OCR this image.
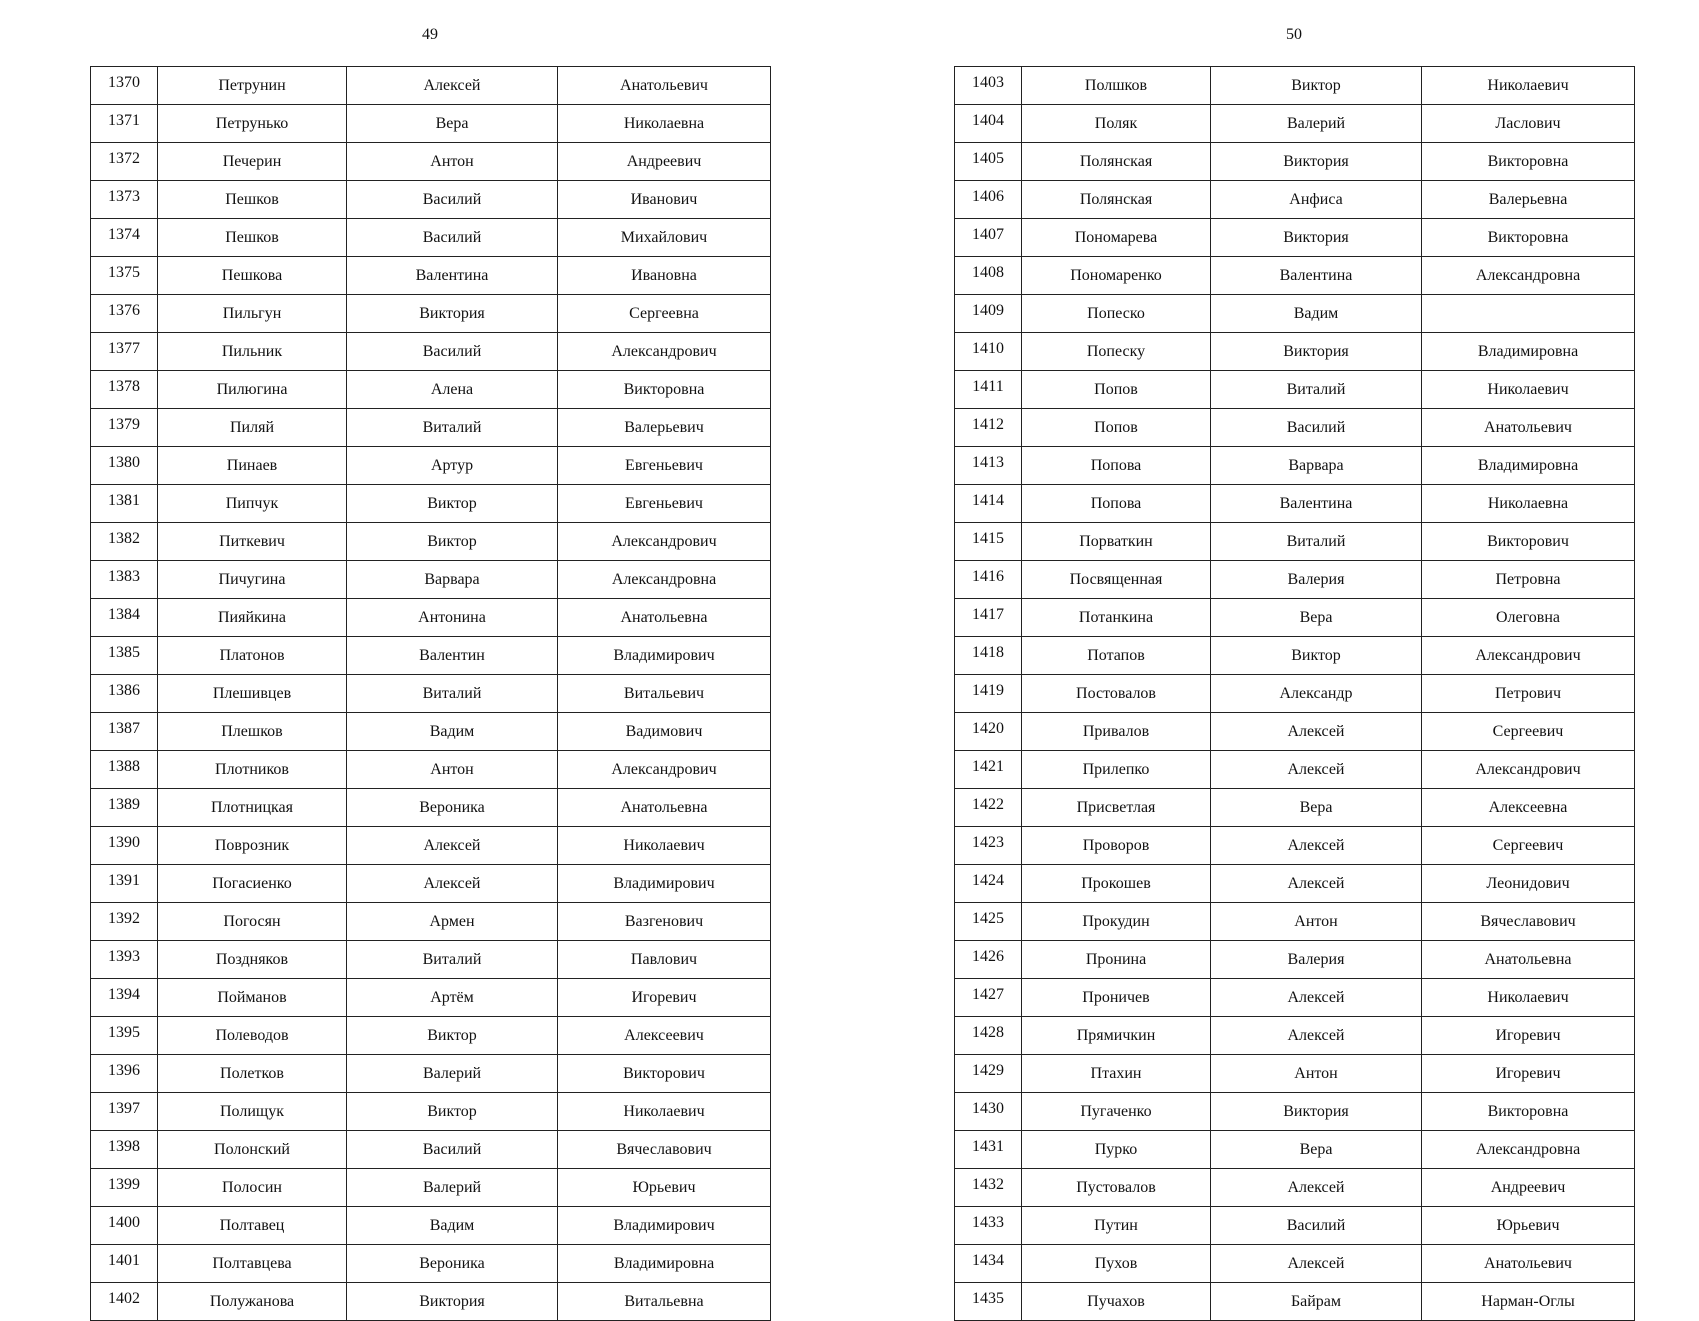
49
1370	Петрунин	Алексей	Анатольевич
1371	Петрунько	Вера	Николаевна
1372	Печерин	Антон	Андреевич
1373	Пешков	Василий	Иванович
1374	Пешков	Василий	Михайлович
1375	Пешкова	Валентина	Ивановна
1376	Пильгун	Виктория	Сергеевна
1377	Пильник	Василий	Александрович
1378	Пилюгина	Алена	Викторовна
1379	Пиляй	Виталий	Валерьевич
1380	Пинаев	Артур	Евгеньевич
1381	Пипчук	Виктор	Евгеньевич
1382	Питкевич	Виктор	Александрович
1383	Пичугина	Варвара	Александровна
1384	Пияйкина	Антонина	Анатольевна
1385	Платонов	Валентин	Владимирович
1386	Плешивцев	Виталий	Витальевич
1387	Плешков	Вадим	Вадимович
1388	Плотников	Антон	Александрович
1389	Плотницкая	Вероника	Анатольевна
1390	Поврозник	Алексей	Николаевич
1391	Погасиенко	Алексей	Владимирович
1392	Погосян	Армен	Вазгенович
1393	Поздняков	Виталий	Павлович
1394	Пойманов	Артём	Игоревич
1395	Полеводов	Виктор	Алексеевич
1396	Полетков	Валерий	Викторович
1397	Полищук	Виктор	Николаевич
1398	Полонский	Василий	Вячеславович
1399	Полосин	Валерий	Юрьевич
1400	Полтавец	Вадим	Владимирович
1401	Полтавцева	Вероника	Владимировна
1402	Полужанова	Виктория	Витальевна
50
1403	Полшков	Виктор	Николаевич
1404	Поляк	Валерий	Ласлович
1405	Полянская	Виктория	Викторовна
1406	Полянская	Анфиса	Валерьевна
1407	Пономарева	Виктория	Викторовна
1408	Пономаренко	Валентина	Александровна
1409	Попеско	Вадим	
1410	Попеску	Виктория	Владимировна
1411	Попов	Виталий	Николаевич
1412	Попов	Василий	Анатольевич
1413	Попова	Варвара	Владимировна
1414	Попова	Валентина	Николаевна
1415	Порваткин	Виталий	Викторович
1416	Посвященная	Валерия	Петровна
1417	Потанкина	Вера	Олеговна
1418	Потапов	Виктор	Александрович
1419	Постовалов	Александр	Петрович
1420	Привалов	Алексей	Сергеевич
1421	Прилепко	Алексей	Александрович
1422	Присветлая	Вера	Алексеевна
1423	Проворов	Алексей	Сергеевич
1424	Прокошев	Алексей	Леонидович
1425	Прокудин	Антон	Вячеславович
1426	Пронина	Валерия	Анатольевна
1427	Проничев	Алексей	Николаевич
1428	Прямичкин	Алексей	Игоревич
1429	Птахин	Антон	Игоревич
1430	Пугаченко	Виктория	Викторовна
1431	Пурко	Вера	Александровна
1432	Пустовалов	Алексей	Андреевич
1433	Путин	Василий	Юрьевич
1434	Пухов	Алексей	Анатольевич
1435	Пучахов	Байрам	Нарман-Оглы
